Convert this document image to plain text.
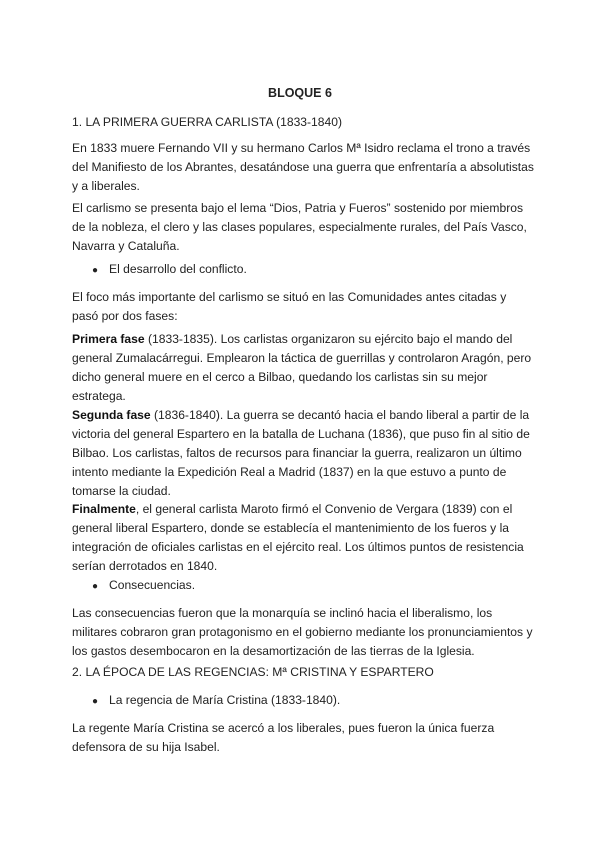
BLOQUE 6

1. LA PRIMERA GUERRA CARLISTA (1833-1840)

En 1833 muere Fernando VII y su hermano Carlos Mª Isidro reclama el trono a través del Manifiesto de los Abrantes, desatándose una guerra que enfrentaría a absolutistas y a liberales.

El carlismo se presenta bajo el lema “Dios, Patria y Fueros” sostenido por miembros de la nobleza, el clero y las clases populares, especialmente rurales, del País Vasco, Navarra y Cataluña.

● El desarrollo del conflicto.

El foco más importante del carlismo se situó en las Comunidades antes citadas y pasó por dos fases:

Primera fase (1833-1835). Los carlistas organizaron su ejército bajo el mando del general Zumalacárregui. Emplearon la táctica de guerrillas y controlaron Aragón, pero dicho general muere en el cerco a Bilbao, quedando los carlistas sin su mejor estratega.

Segunda fase (1836-1840). La guerra se decantó hacia el bando liberal a partir de la victoria del general Espartero en la batalla de Luchana (1836), que puso fin al sitio de Bilbao. Los carlistas, faltos de recursos para financiar la guerra, realizaron un último intento mediante la Expedición Real a Madrid (1837) en la que estuvo a punto de tomarse la ciudad.

Finalmente, el general carlista Maroto firmó el Convenio de Vergara (1839) con el general liberal Espartero, donde se establecía el mantenimiento de los fueros y la integración de oficiales carlistas en el ejército real. Los últimos puntos de resistencia serían derrotados en 1840.

● Consecuencias.

Las consecuencias fueron que la monarquía se inclinó hacia el liberalismo, los militares cobraron gran protagonismo en el gobierno mediante los pronunciamientos y los gastos desembocaron en la desamortización de las tierras de la Iglesia.

2. LA ÉPOCA DE LAS REGENCIAS: Mª CRISTINA Y ESPARTERO

● La regencia de María Cristina (1833-1840).

La regente María Cristina se acercó a los liberales, pues fueron la única fuerza defensora de su hija Isabel.
